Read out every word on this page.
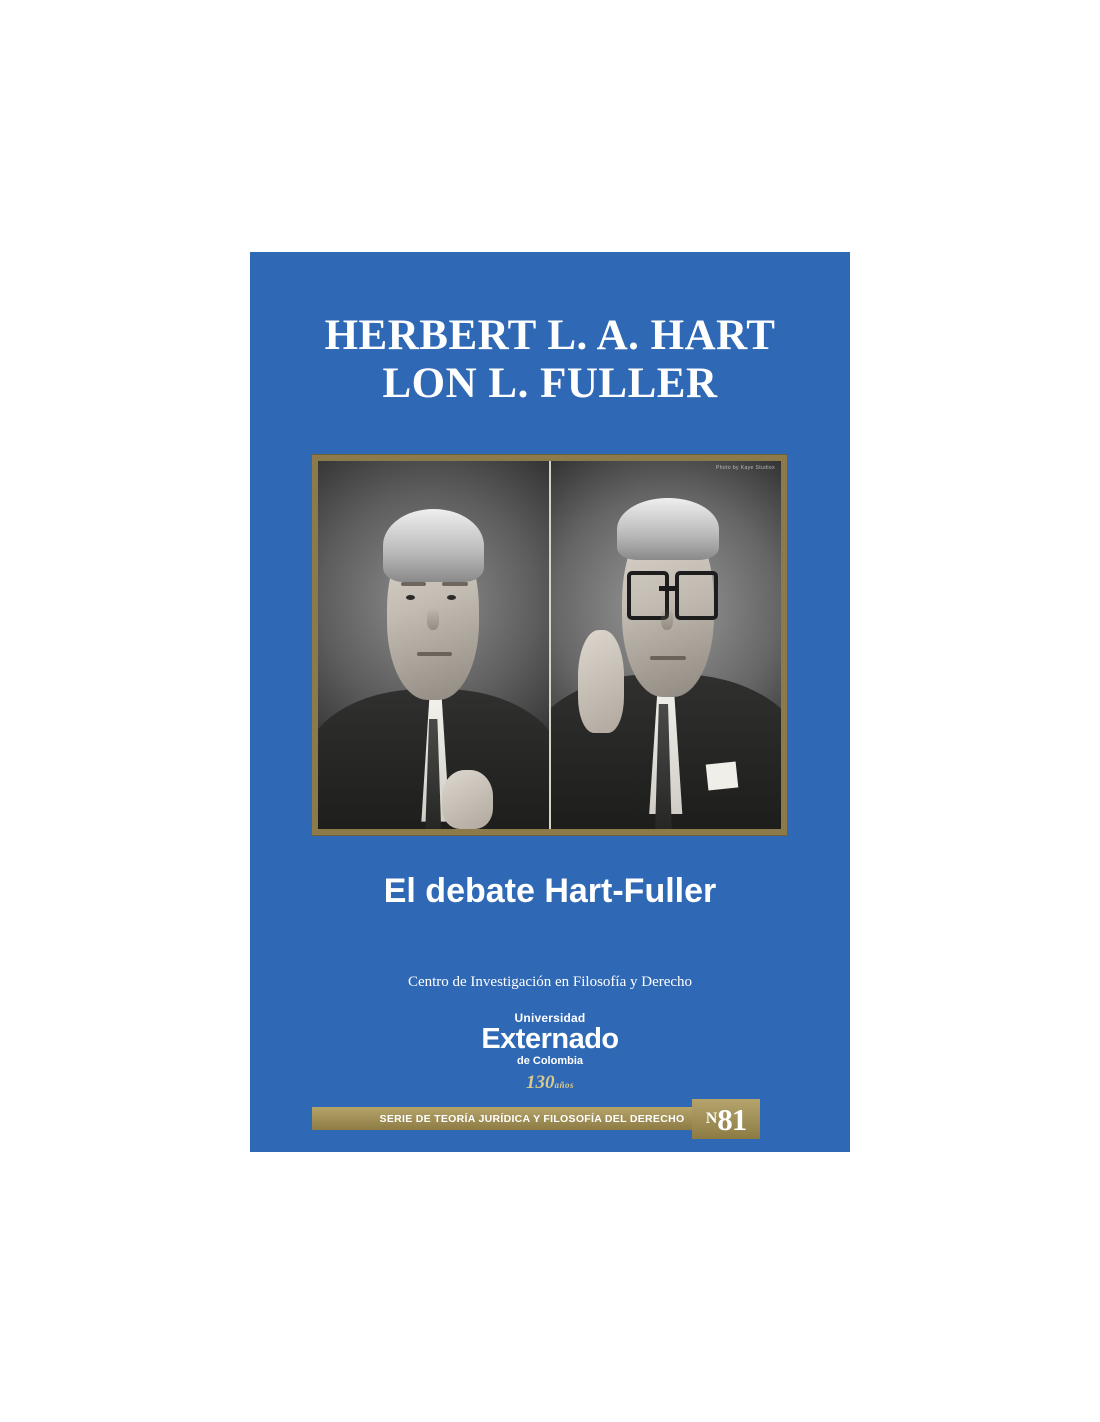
HERBERT L. A. HART
LON L. FULLER
Photo by Kaye Studios
El debate Hart-Fuller
Centro de Investigación en Filosofía y Derecho
Universidad
Externado
de Colombia
130años
SERIE DE TEORÍA JURÍDICA Y FILOSOFÍA DEL DERECHO N 81
